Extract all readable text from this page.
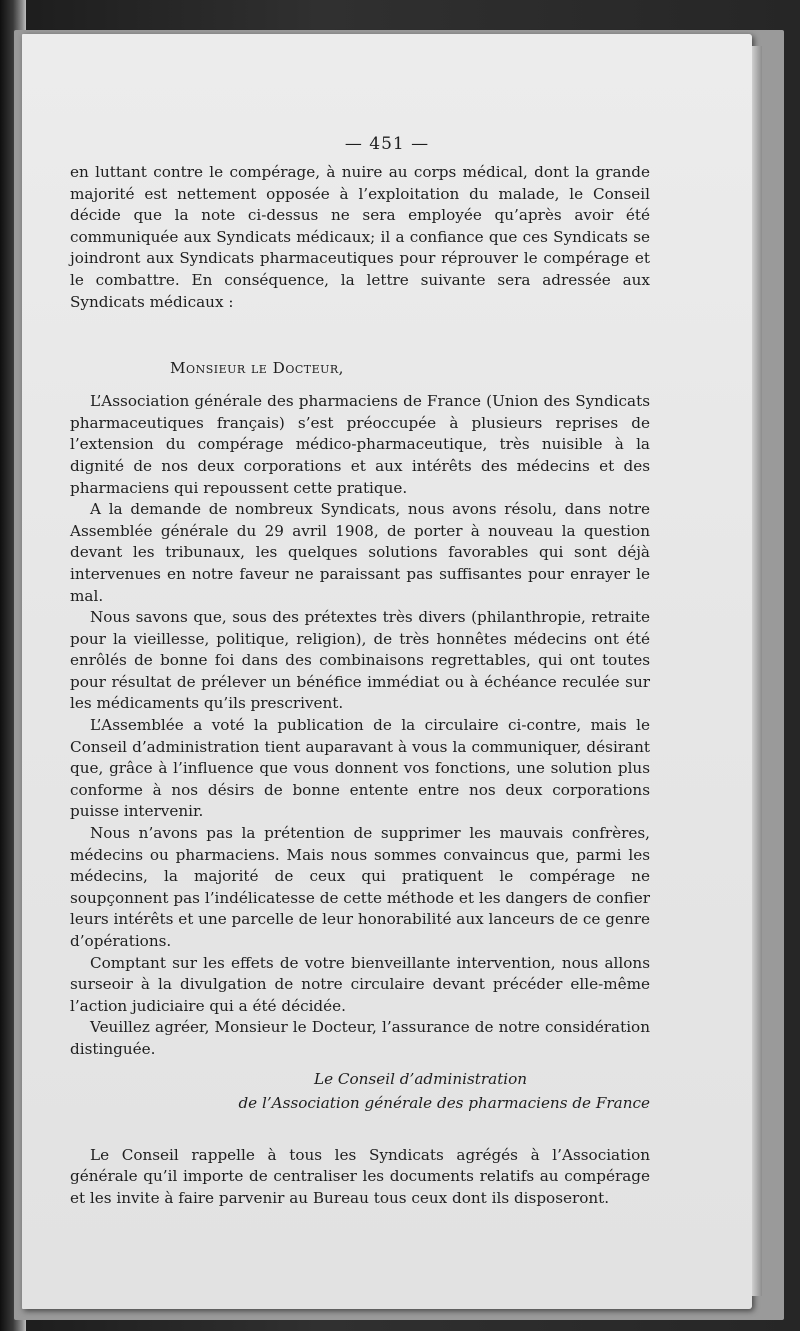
— 451 —

en luttant contre le compérage, à nuire au corps médical, dont la grande majorité est nettement opposée à l’exploitation du malade, le Conseil décide que la note ci-dessus ne sera employée qu’après avoir été communiquée aux Syndicats médicaux; il a confiance que ces Syndicats se joindront aux Syndicats pharmaceutiques pour réprouver le compérage et le combattre. En conséquence, la lettre suivante sera adressée aux Syndicats médicaux :

Monsieur le Docteur,

L’Association générale des pharmaciens de France (Union des Syndicats pharmaceutiques français) s’est préoccupée à plusieurs reprises de l’extension du compérage médico-pharmaceutique, très nuisible à la dignité de nos deux corporations et aux intérêts des médecins et des pharmaciens qui repoussent cette pratique.

A la demande de nombreux Syndicats, nous avons résolu, dans notre Assemblée générale du 29 avril 1908, de porter à nouveau la question devant les tribunaux, les quelques solutions favorables qui sont déjà intervenues en notre faveur ne paraissant pas suffisantes pour enrayer le mal.

Nous savons que, sous des prétextes très divers (philanthropie, retraite pour la vieillesse, politique, religion), de très honnêtes médecins ont été enrôlés de bonne foi dans des combinaisons regrettables, qui ont toutes pour résultat de prélever un bénéfice immédiat ou à échéance reculée sur les médicaments qu’ils prescrivent.

L’Assemblée a voté la publication de la circulaire ci-contre, mais le Conseil d’administration tient auparavant à vous la communiquer, désirant que, grâce à l’influence que vous donnent vos fonctions, une solution plus conforme à nos désirs de bonne entente entre nos deux corporations puisse intervenir.

Nous n’avons pas la prétention de supprimer les mauvais confrères, médecins ou pharmaciens. Mais nous sommes convaincus que, parmi les médecins, la majorité de ceux qui pratiquent le compérage ne soupçonnent pas l’indélicatesse de cette méthode et les dangers de confier leurs intérêts et une parcelle de leur honorabilité aux lanceurs de ce genre d’opérations.

Comptant sur les effets de votre bienveillante intervention, nous allons surseoir à la divulgation de notre circulaire devant précéder elle-même l’action judiciaire qui a été décidée.

Veuillez agréer, Monsieur le Docteur, l’assurance de notre considération distinguée.

Le Conseil d’administration
de l’Association générale des pharmaciens de France

Le Conseil rappelle à tous les Syndicats agrégés à l’Association générale qu’il importe de centraliser les documents relatifs au compérage et les invite à faire parvenir au Bureau tous ceux dont ils disposeront.
